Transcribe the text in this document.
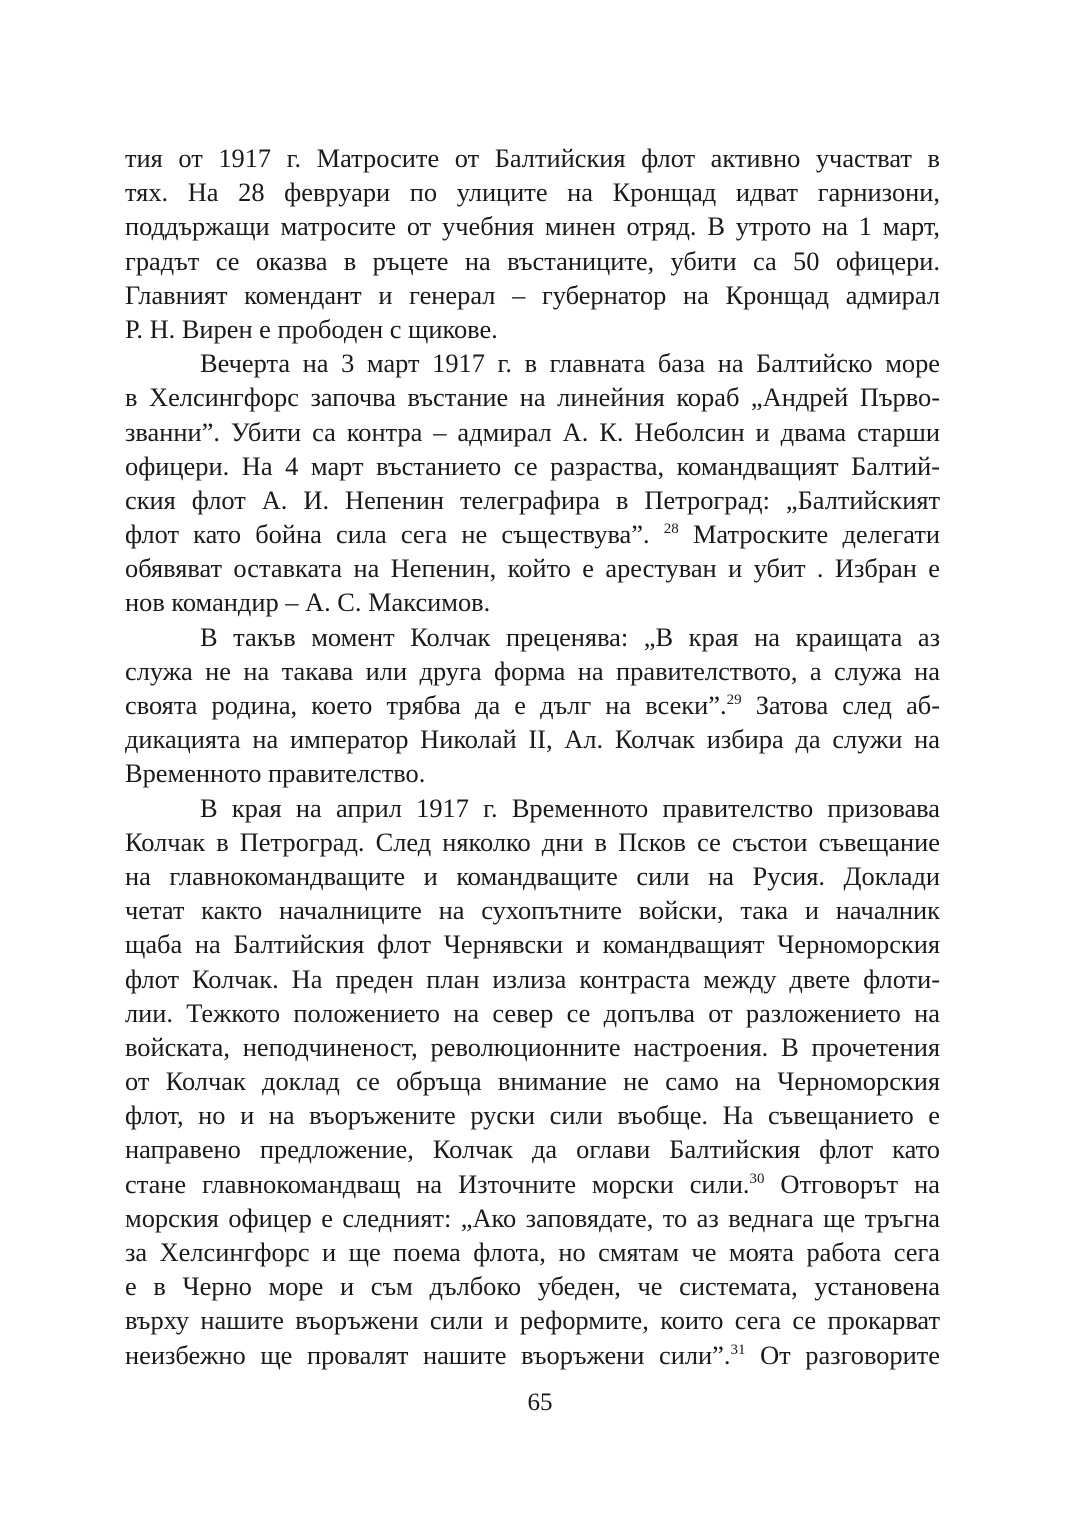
тия от 1917 г. Матросите от Балтийския флот активно участват в
тях. На 28 февруари по улиците на Кронщад идват гарнизони,
поддържащи матросите от учебния минен отряд. В утрото на 1 март,
градът се оказва в ръцете на въстаниците, убити са 50 офицери.
Главният комендант и генерал – губернатор на Кронщад адмирал
Р. Н. Вирен е прободен с щикове.
Вечерта на 3 март 1917 г. в главната база на Балтийско море
в Хелсингфорс започва въстание на линейния кораб „Андрей Първо-
званни”. Убити са контра – адмирал А. К. Неболсин и двама старши
офицери. На 4 март въстанието се разраства, командващият Балтий-
ския флот А. И. Непенин телеграфира в Петроград: „Балтийският
флот като бойна сила сега не съществува”. $^{28}$ Матроските делегати
обявяват оставката на Непенин, който е арестуван и убит . Избран е
нов командир – А. С. Максимов.
В такъв момент Колчак преценява: „В края на краищата аз
служа не на такава или друга форма на правителството, а служа на
своята родина, което трябва да е дълг на всеки”.$^{29}$ Затова след аб-
дикацията на император Николай II, Ал. Колчак избира да служи на
Временното правителство.
В края на април 1917 г. Временното правителство призовава
Колчак в Петроград. След няколко дни в Псков се състои съвещание
на главнокомандващите и командващите сили на Русия. Доклади
четат както началниците на сухопътните войски, така и началник
щаба на Балтийския флот Чернявски и командващият Черноморския
флот Колчак. На преден план излиза контраста между двете флоти-
лии. Тежкото положението на север се допълва от разложението на
войската, неподчиненост, революционните настроения. В прочетения
от Колчак доклад се обръща внимание не само на Черноморския
флот, но и на въоръжените руски сили въобще. На съвещанието е
направено предложение, Колчак да оглави Балтийския флот като
стане главнокомандващ на Източните морски сили.$^{30}$ Отговорът на
морския офицер е следният: „Ако заповядате, то аз веднага ще тръгна
за Хелсингфорс и ще поема флота, но смятам че моята работа сега
е в Черно море и съм дълбоко убеден, че системата, установена
върху нашите въоръжени сили и реформите, които сега се прокарват
неизбежно ще провалят нашите въоръжени сили”.$^{31}$ От разговорите
65
